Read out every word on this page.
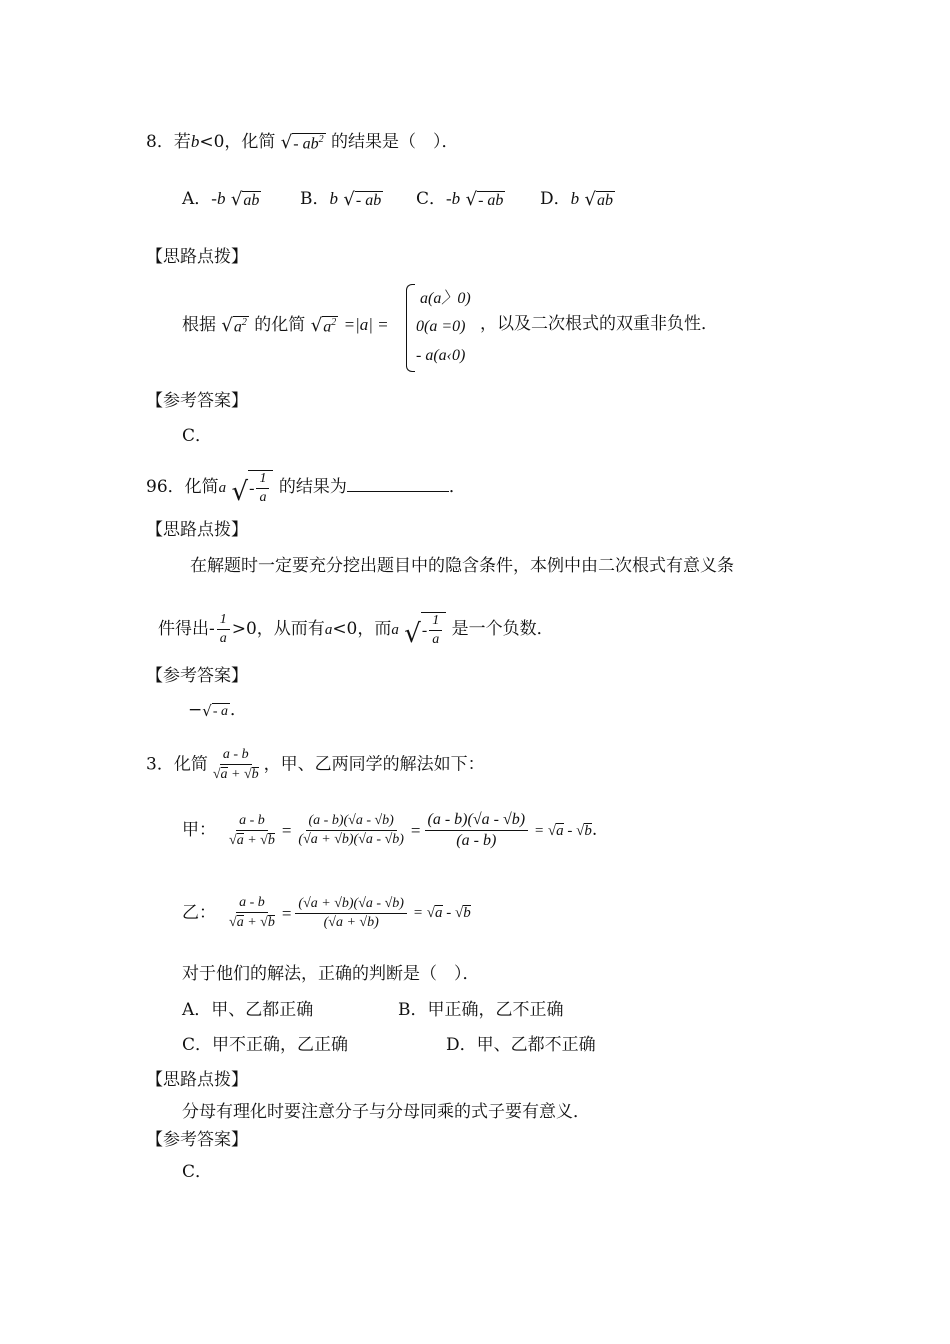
8．若b<0，化简 √ - $ab^2$ 的结果是（　）．
A．-b √ ab B．b √ - ab C．-b √ - ab D．b √ ab
【思路点拨】
根据 √ $a^2$ 的化简 √ $a^2 =|a|$ =
a(a〉0)
0(a =0)
- a(a‹0)
，以及二次根式的双重非负性．
【参考答案】
C．
96．化简a √ - $\frac{1}{a}$ 的结果为	．
【思路点拨】
在解题时一定要充分挖出题目中的隐含条件，本例中由二次根式有意义条
件得出- $\frac{1}{a} >0$，从而有a<0，而a √ - $\frac{1}{a}$ 是一个负数．
【参考答案】
− √ - a ．
3．化简 $\frac{a - b}{√a + √b}$ ，甲、乙两同学的解法如下：
甲： $\frac{a - b}{√a + √b} = \frac{(a - b)(√a - √b)}{(√a + √b)(√a - √b)} = \frac{(a - b)(√a - √b)}{(a - b)} = √a - √b$ .
乙： $\frac{a - b}{√a + √b} = \frac{(√a + √b)(√a - √b)}{(√a + √b)} = √a - √b$
对于他们的解法，正确的判断是（　）．
A．甲、乙都正确	B．甲正确，乙不正确
C．甲不正确，乙正确	D．甲、乙都不正确
【思路点拨】
分母有理化时要注意分子与分母同乘的式子要有意义．
【参考答案】
C．
